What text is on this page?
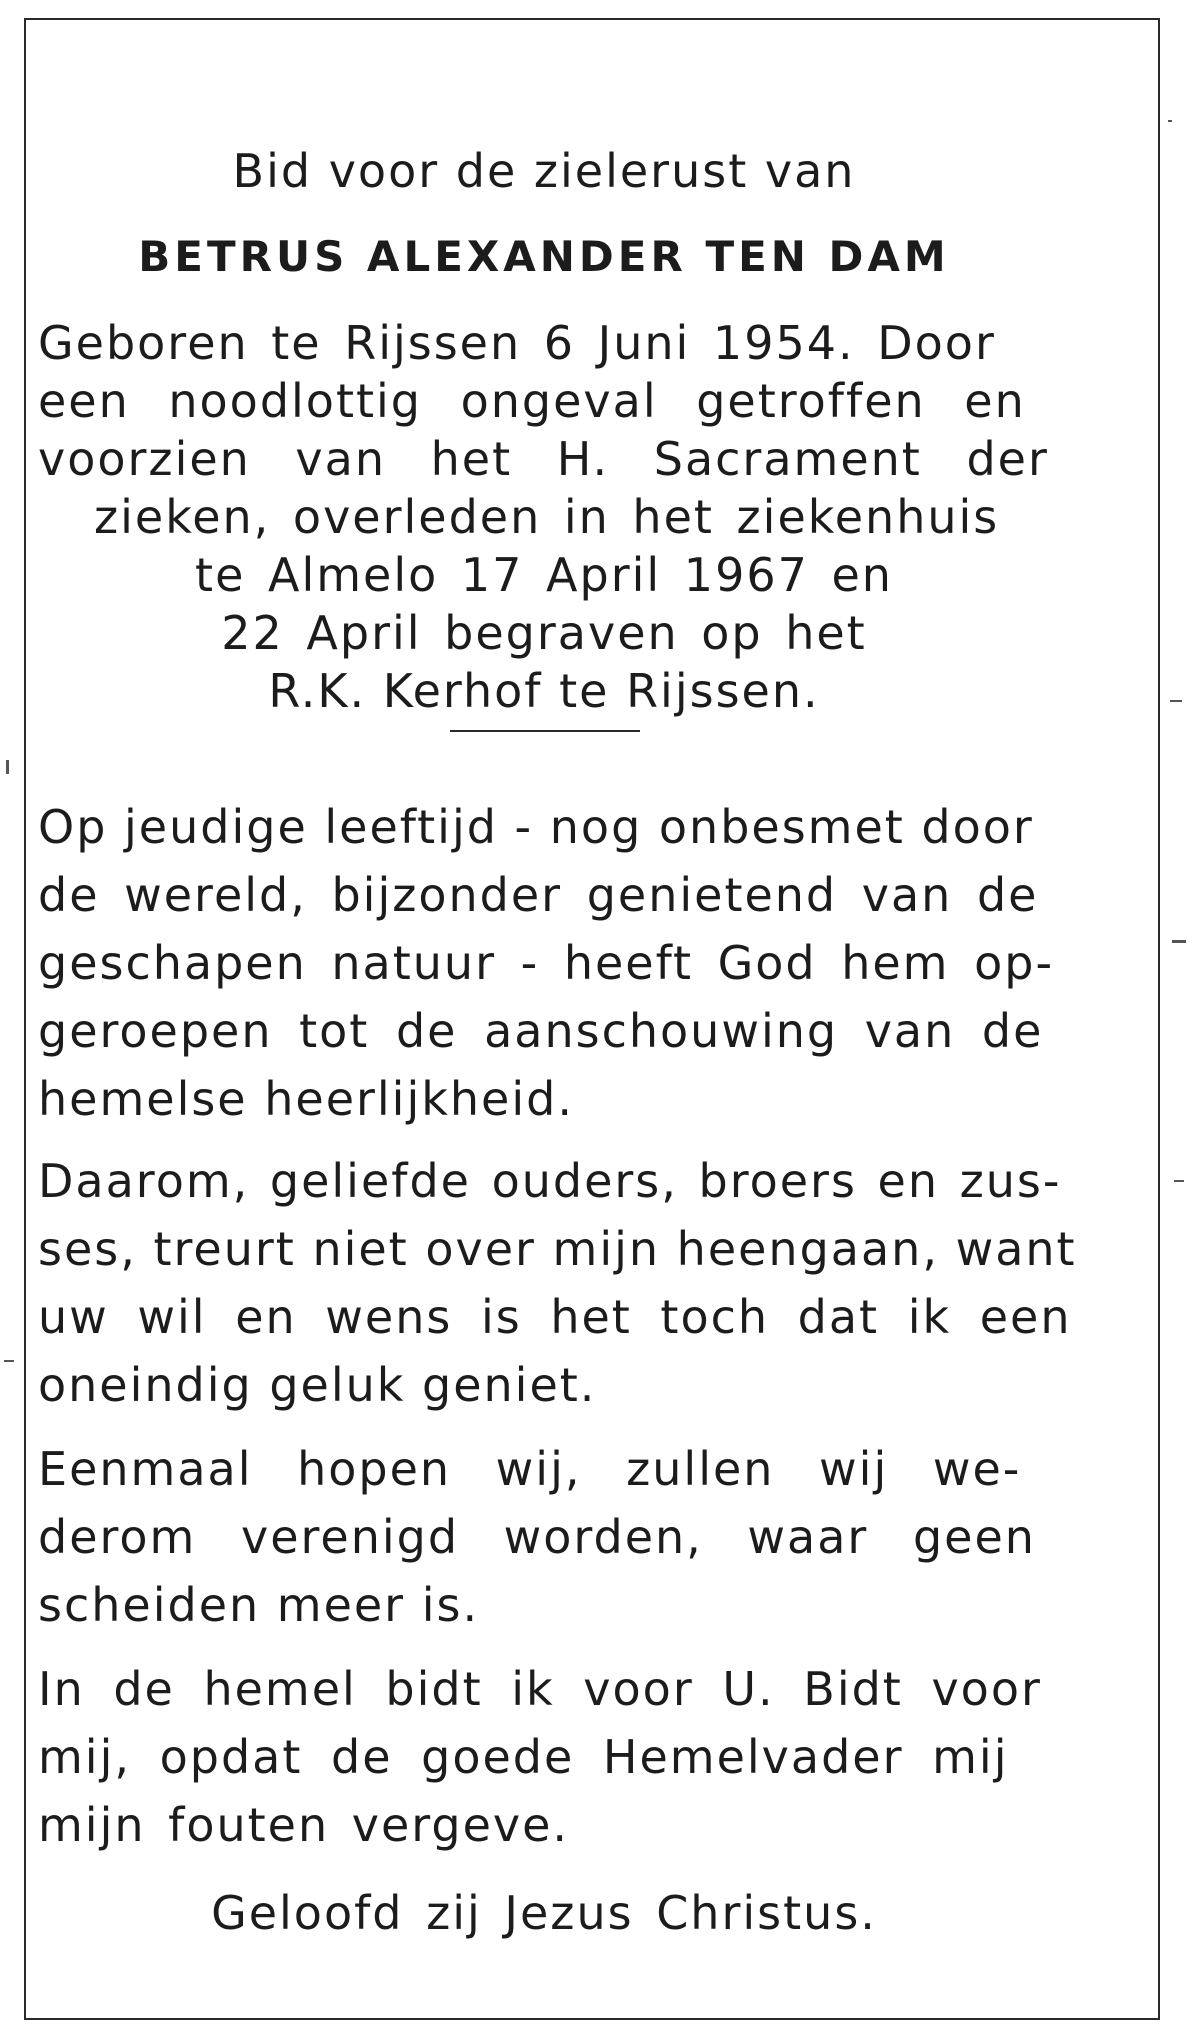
Bid voor de zielerust van
BETRUS ALEXANDER TEN DAM
Geboren te Rijssen 6 Juni 1954. Door
een noodlottig ongeval getroffen en
voorzien van het H. Sacrament der
zieken, overleden in het ziekenhuis
te Almelo 17 April 1967 en
22 April begraven op het
R.K. Kerhof te Rijssen.
Op jeudige leeftijd - nog onbesmet door
de wereld, bijzonder genietend van de
geschapen natuur - heeft God hem op-
geroepen tot de aanschouwing van de
hemelse heerlijkheid.
Daarom, geliefde ouders, broers en zus-
ses, treurt niet over mijn heengaan, want
uw wil en wens is het toch dat ik een
oneindig geluk geniet.
Eenmaal hopen wij, zullen wij we-
derom verenigd worden, waar geen
scheiden meer is.
In de hemel bidt ik voor U. Bidt voor
mij, opdat de goede Hemelvader mij
mijn fouten vergeve.
Geloofd zij Jezus Christus.
